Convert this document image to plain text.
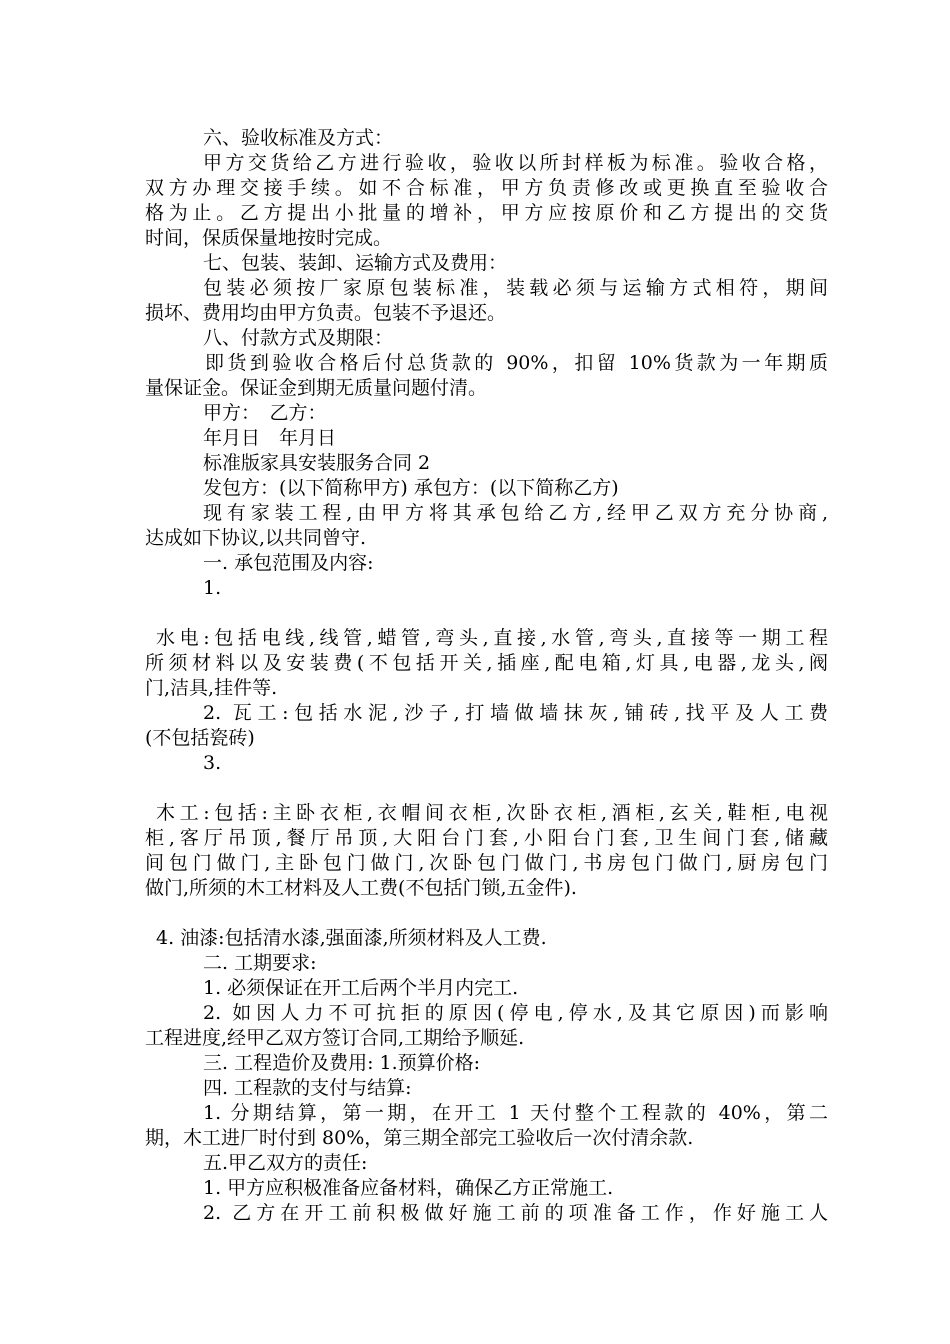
六、验收标准及方式：
甲方交货给乙方进行验收，验收以所封样板为标准。验收合格，
双方办理交接手续。如不合标准，甲方负责修改或更换直至验收合
格为止。乙方提出小批量的增补，甲方应按原价和乙方提出的交货
时间，保质保量地按时完成。
七、包装、装卸、运输方式及费用：
包装必须按厂家原包装标准，装载必须与运输方式相符，期间
损坏、费用均由甲方负责。包装不予退还。
八、付款方式及期限：
即货到验收合格后付总货款的 90%，扣留 10%货款为一年期质
量保证金。保证金到期无质量问题付清。
甲方：　乙方：
年月日　年月日
标准版家具安装服务合同 2
发包方：(以下简称甲方) 承包方：(以下简称乙方)
现有家装工程,由甲方将其承包给乙方,经甲乙双方充分协商,
达成如下协议,以共同曾守.
一. 承包范围及内容:
1.
水电:包括电线,线管,蜡管,弯头,直接,水管,弯头,直接等一期工程
所须材料以及安装费(不包括开关,插座,配电箱,灯具,电器,龙头,阀
门,洁具,挂件等.
2. 瓦工:包括水泥,沙子,打墙做墙抹灰,铺砖,找平及人工费
(不包括瓷砖)
3.
木工:包括:主卧衣柜,衣帽间衣柜,次卧衣柜,酒柜,玄关,鞋柜,电视
柜,客厅吊顶,餐厅吊顶,大阳台门套,小阳台门套,卫生间门套,储藏
间包门做门,主卧包门做门,次卧包门做门,书房包门做门,厨房包门
做门,所须的木工材料及人工费(不包括门锁,五金件).
4. 油漆:包括清水漆,强面漆,所须材料及人工费.
二. 工期要求:
1. 必须保证在开工后两个半月内完工.
2. 如因人力不可抗拒的原因(停电,停水,及其它原因)而影响
工程进度,经甲乙双方签订合同,工期给予顺延.
三. 工程造价及费用: 1.预算价格:
四. 工程款的支付与结算:
1. 分期结算，第一期，在开工 1 天付整个工程款的 40%，第二
期，木工进厂时付到 80%，第三期全部完工验收后一次付清余款.
五.甲乙双方的责任:
1. 甲方应积极准备应备材料，确保乙方正常施工.
2. 乙方在开工前积极做好施工前的项准备工作，作好施工人
